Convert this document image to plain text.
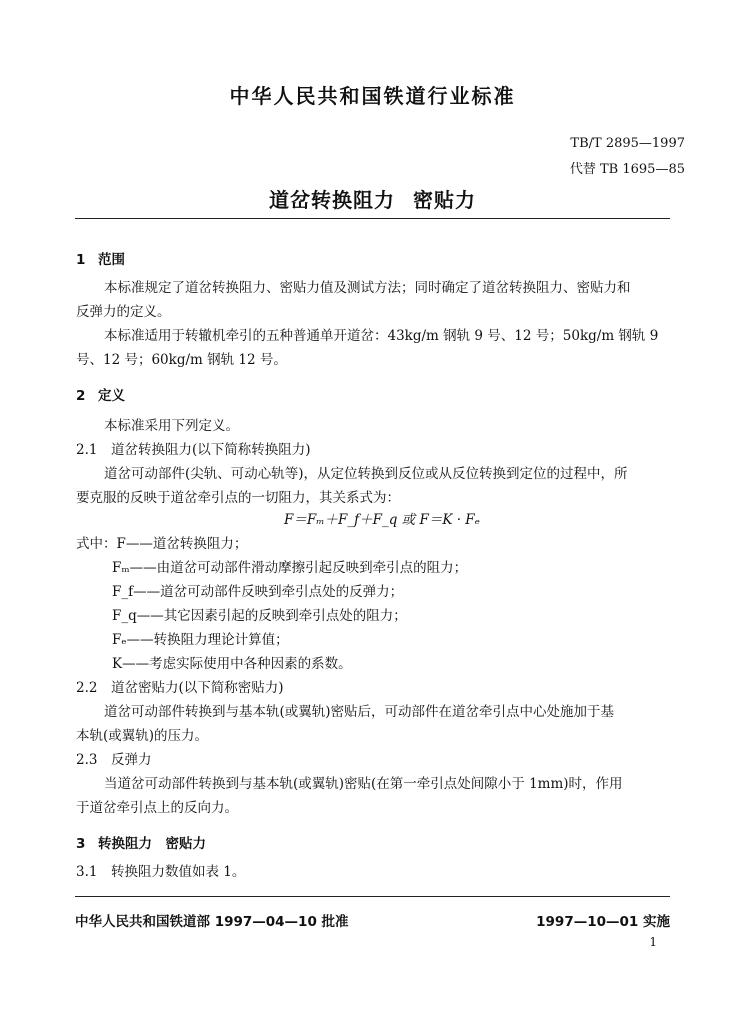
中华人民共和国铁道行业标准
TB/T 2895—1997
代替 TB 1695—85
道岔转换阻力 密贴力
1 范围
本标准规定了道岔转换阻力、密贴力值及测试方法；同时确定了道岔转换阻力、密贴力和
反弹力的定义。
本标准适用于转辙机牵引的五种普通单开道岔：43kg/m 钢轨 9 号、12 号；50kg/m 钢轨 9
号、12 号；60kg/m 钢轨 12 号。
2 定义
本标准采用下列定义。
2.1　道岔转换阻力(以下简称转换阻力)
道岔可动部件(尖轨、可动心轨等)，从定位转换到反位或从反位转换到定位的过程中，所
要克服的反映于道岔牵引点的一切阻力，其关系式为：
F＝Fₘ＋F_f＋F_q 或 F＝K · Fₑ
式中：F——道岔转换阻力；
Fₘ——由道岔可动部件滑动摩擦引起反映到牵引点的阻力；
F_f——道岔可动部件反映到牵引点处的反弹力；
F_q——其它因素引起的反映到牵引点处的阻力；
Fₑ——转换阻力理论计算值；
K——考虑实际使用中各种因素的系数。
2.2　道岔密贴力(以下简称密贴力)
道岔可动部件转换到与基本轨(或翼轨)密贴后，可动部件在道岔牵引点中心处施加于基
本轨(或翼轨)的压力。
2.3　反弹力
当道岔可动部件转换到与基本轨(或翼轨)密贴(在第一牵引点处间隙小于 1mm)时，作用
于道岔牵引点上的反向力。
3 转换阻力　密贴力
3.1　转换阻力数值如表 1。
中华人民共和国铁道部 1997—04—10 批准	1997—10—01 实施
1
